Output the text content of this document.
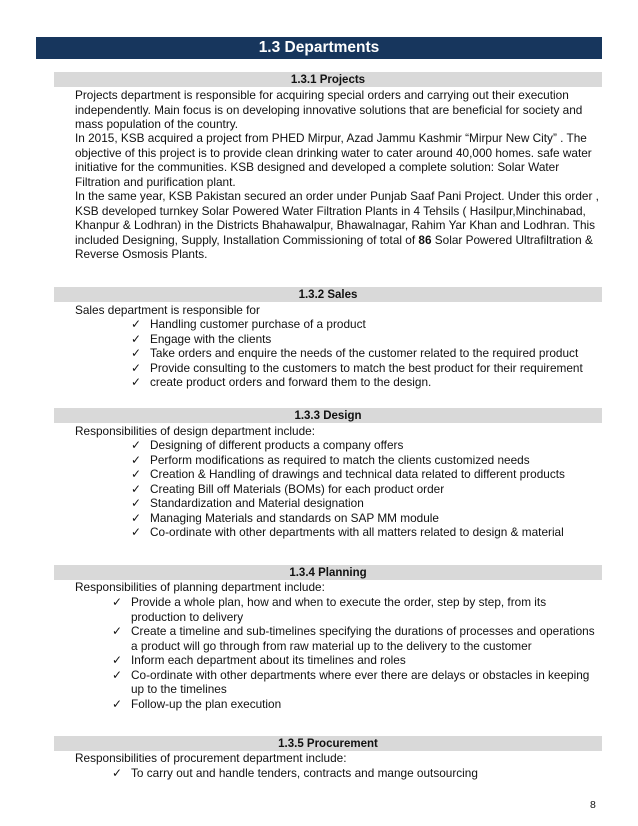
1.3 Departments
1.3.1 Projects

Projects department is responsible for acquiring special orders and carrying out their execution independently. Main focus is on developing innovative solutions that are beneficial for society and mass population of the country.

In 2015, KSB acquired a project from PHED Mirpur, Azad Jammu Kashmir “Mirpur New City” . The objective of this project is to provide clean drinking water to cater around 40,000 homes. safe water initiative for the communities. KSB designed and developed a complete solution: Solar Water Filtration and purification plant.

In the same year, KSB Pakistan secured an order under Punjab Saaf Pani Project. Under this order , KSB developed turnkey Solar Powered Water Filtration Plants in 4 Tehsils ( Hasilpur,Minchinabad, Khanpur & Lodhran) in the Districts Bhahawalpur, Bhawalnagar, Rahim Yar Khan and Lodhran. This included Designing, Supply, Installation Commissioning of total of 86 Solar Powered Ultrafiltration & Reverse Osmosis Plants.

1.3.2 Sales

Sales department is responsible for

✓ Handling customer purchase of a product
✓ Engage with the clients
✓ Take orders and enquire the needs of the customer related to the required product
✓ Provide consulting to the customers to match the best product for their requirement
✓ create product orders and forward them to the design.
1.3.3 Design

Responsibilities of design department include:

✓ Designing of different products a company offers
✓ Perform modifications as required to match the clients customized needs
✓ Creation & Handling of drawings and technical data related to different products
✓ Creating Bill off Materials (BOMs) for each product order
✓ Standardization and Material designation
✓ Managing Materials and standards on SAP MM module
✓ Co-ordinate with other departments with all matters related to design & material
1.3.4 Planning

Responsibilities of planning department include:

✓ Provide a whole plan, how and when to execute the order, step by step, from its production to delivery
✓ Create a timeline and sub-timelines specifying the durations of processes and operations a product will go through from raw material up to the delivery to the customer
✓ Inform each department about its timelines and roles
✓ Co-ordinate with other departments where ever there are delays or obstacles in keeping up to the timelines
✓ Follow-up the plan execution
1.3.5 Procurement

Responsibilities of procurement department include:

✓ To carry out and handle tenders, contracts and mange outsourcing
8
